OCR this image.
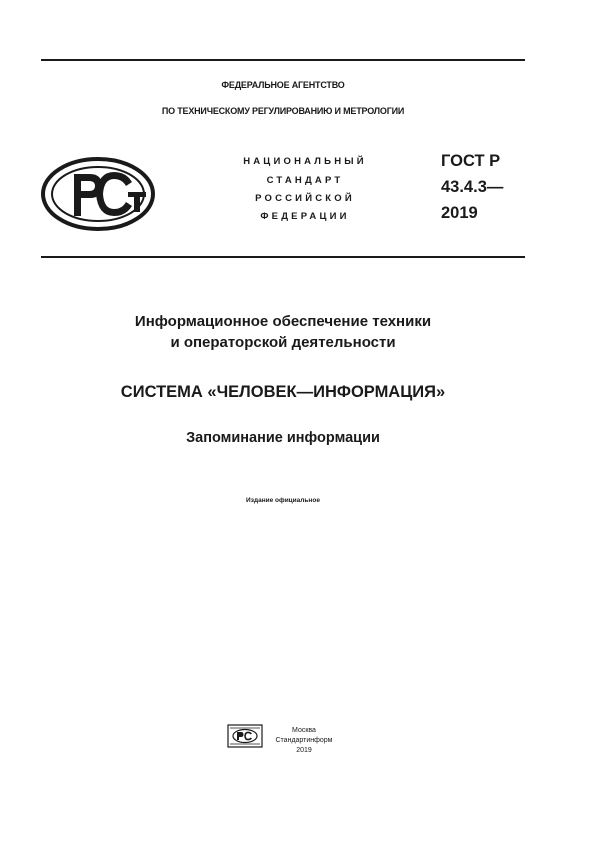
ФЕДЕРАЛЬНОЕ АГЕНТСТВО
ПО ТЕХНИЧЕСКОМУ РЕГУЛИРОВАНИЮ И МЕТРОЛОГИИ
НАЦИОНАЛЬНЫЙ
СТАНДАРТ
РОССИЙСКОЙ
ФЕДЕРАЦИИ
ГОСТ Р
43.4.3—
2019
Информационное обеспечение техники
и операторской деятельности
СИСТЕМА «ЧЕЛОВЕК—ИНФОРМАЦИЯ»
Запоминание информации
Издание официальное
Москва
Стандартинформ
2019
